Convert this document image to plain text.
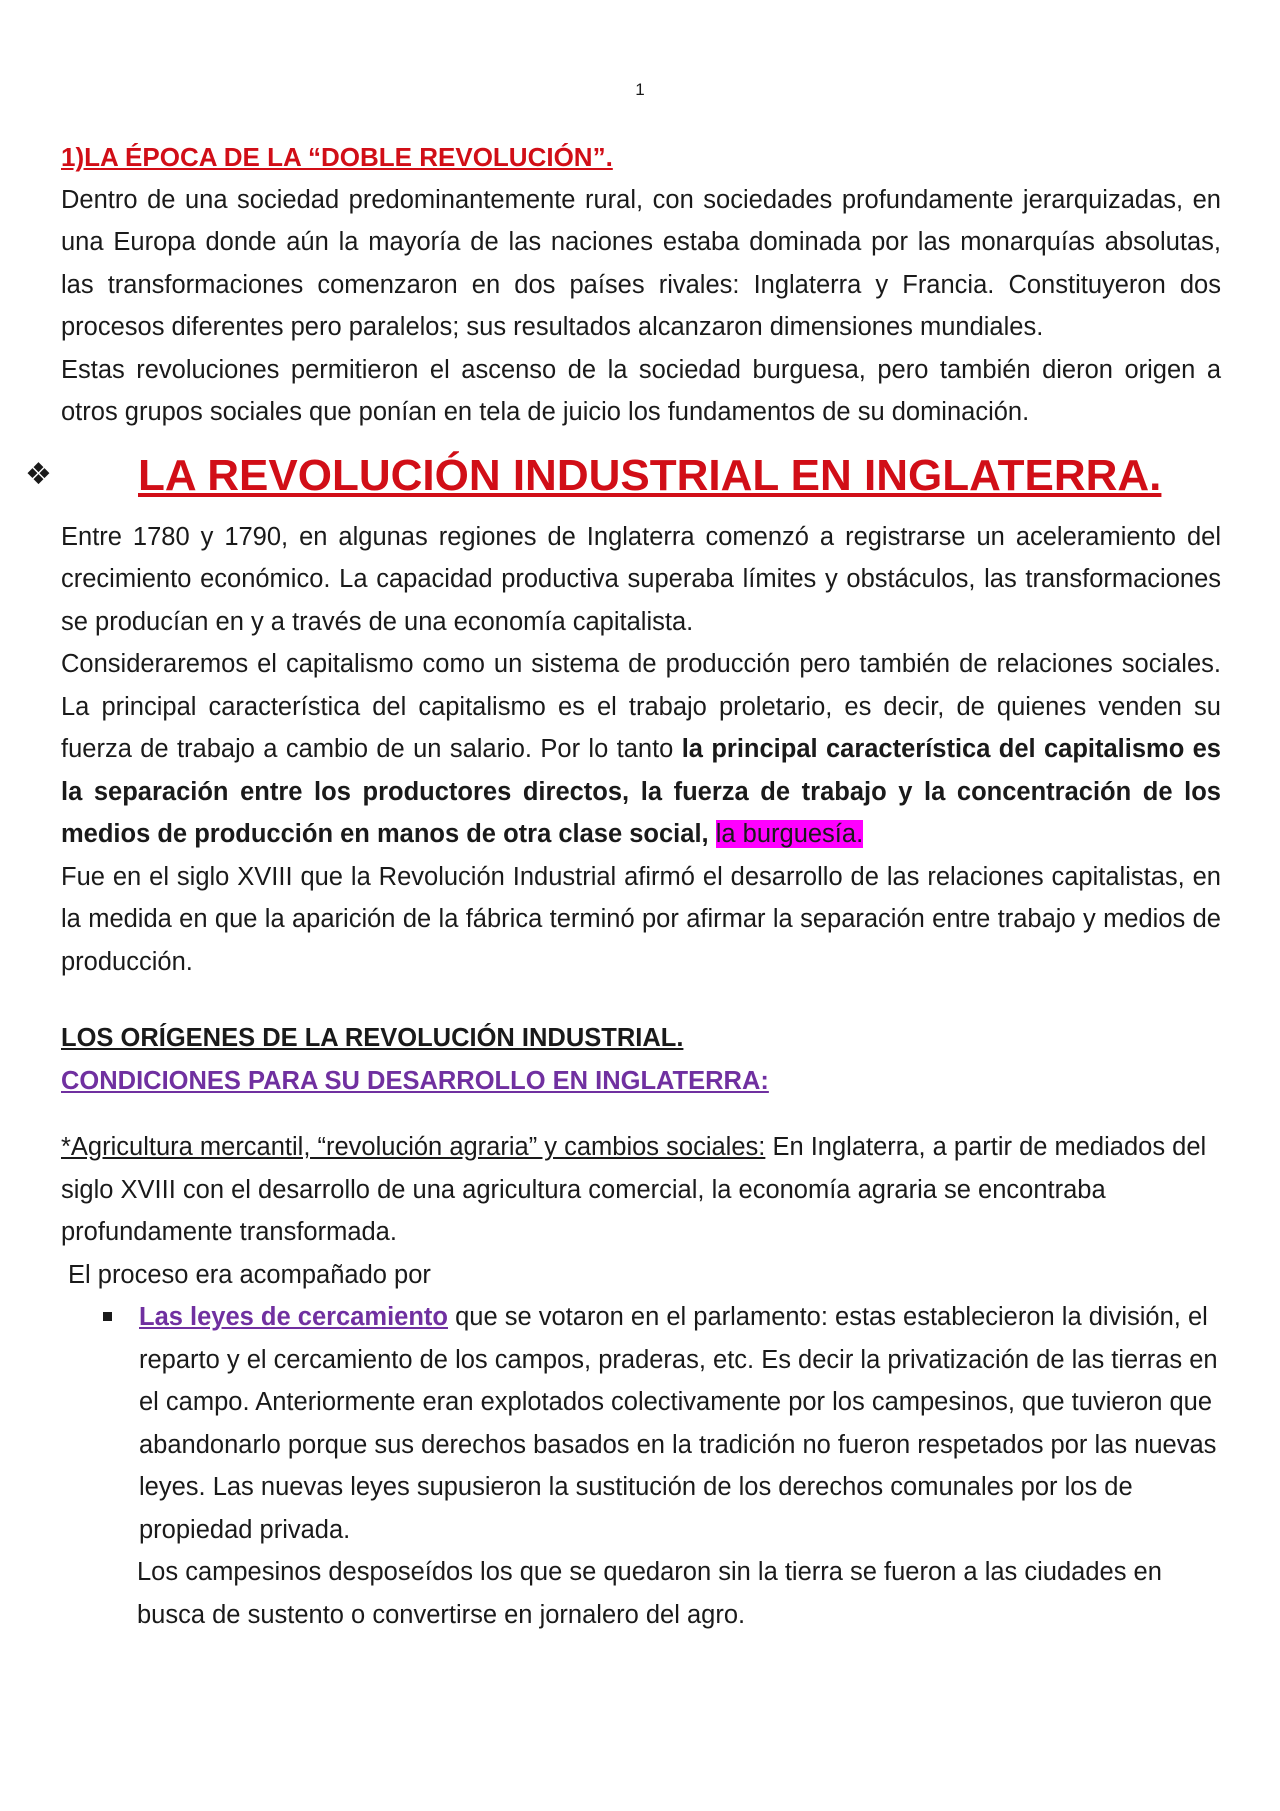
1

1)LA ÉPOCA DE LA “DOBLE REVOLUCIÓN”.

Dentro de una sociedad predominantemente rural, con sociedades profundamente jerarquizadas, en una Europa donde aún la mayoría de las naciones estaba dominada por las monarquías absolutas, las transformaciones comenzaron en dos países rivales: Inglaterra y Francia. Constituyeron dos procesos diferentes pero paralelos; sus resultados alcanzaron dimensiones mundiales.

Estas revoluciones permitieron el ascenso de la sociedad burguesa, pero también dieron origen a otros grupos sociales que ponían en tela de juicio los fundamentos de su dominación.

❖ LA REVOLUCIÓN INDUSTRIAL EN INGLATERRA.

Entre 1780 y 1790, en algunas regiones de Inglaterra comenzó a registrarse un aceleramiento del crecimiento económico. La capacidad productiva superaba límites y obstáculos, las transformaciones se producían en y a través de una economía capitalista.

Consideraremos el capitalismo como un sistema de producción pero también de relaciones sociales. La principal característica del capitalismo es el trabajo proletario, es decir, de quienes venden su fuerza de trabajo a cambio de un salario. Por lo tanto la principal característica del capitalismo es la separación entre los productores directos, la fuerza de trabajo y la concentración de los medios de producción en manos de otra clase social, la burguesía.

Fue en el siglo XVIII que la Revolución Industrial afirmó el desarrollo de las relaciones capitalistas, en la medida en que la aparición de la fábrica terminó por afirmar la separación entre trabajo y medios de producción.

LOS ORÍGENES DE LA REVOLUCIÓN INDUSTRIAL.

CONDICIONES PARA SU DESARROLLO EN INGLATERRA:

*Agricultura mercantil, “revolución agraria” y cambios sociales: En Inglaterra, a partir de mediados del siglo XVIII con el desarrollo de una agricultura comercial, la economía agraria se encontraba profundamente transformada.

El proceso era acompañado por

Las leyes de cercamiento que se votaron en el parlamento: estas establecieron la división, el reparto y el cercamiento de los campos, praderas, etc. Es decir la privatización de las tierras en el campo. Anteriormente eran explotados colectivamente por los campesinos, que tuvieron que abandonarlo porque sus derechos basados en la tradición no fueron respetados por las nuevas leyes. Las nuevas leyes supusieron la sustitución de los derechos comunales por los de propiedad privada.

Los campesinos desposeídos los que se quedaron sin la tierra se fueron a las ciudades en busca de sustento o convertirse en jornalero del agro.
